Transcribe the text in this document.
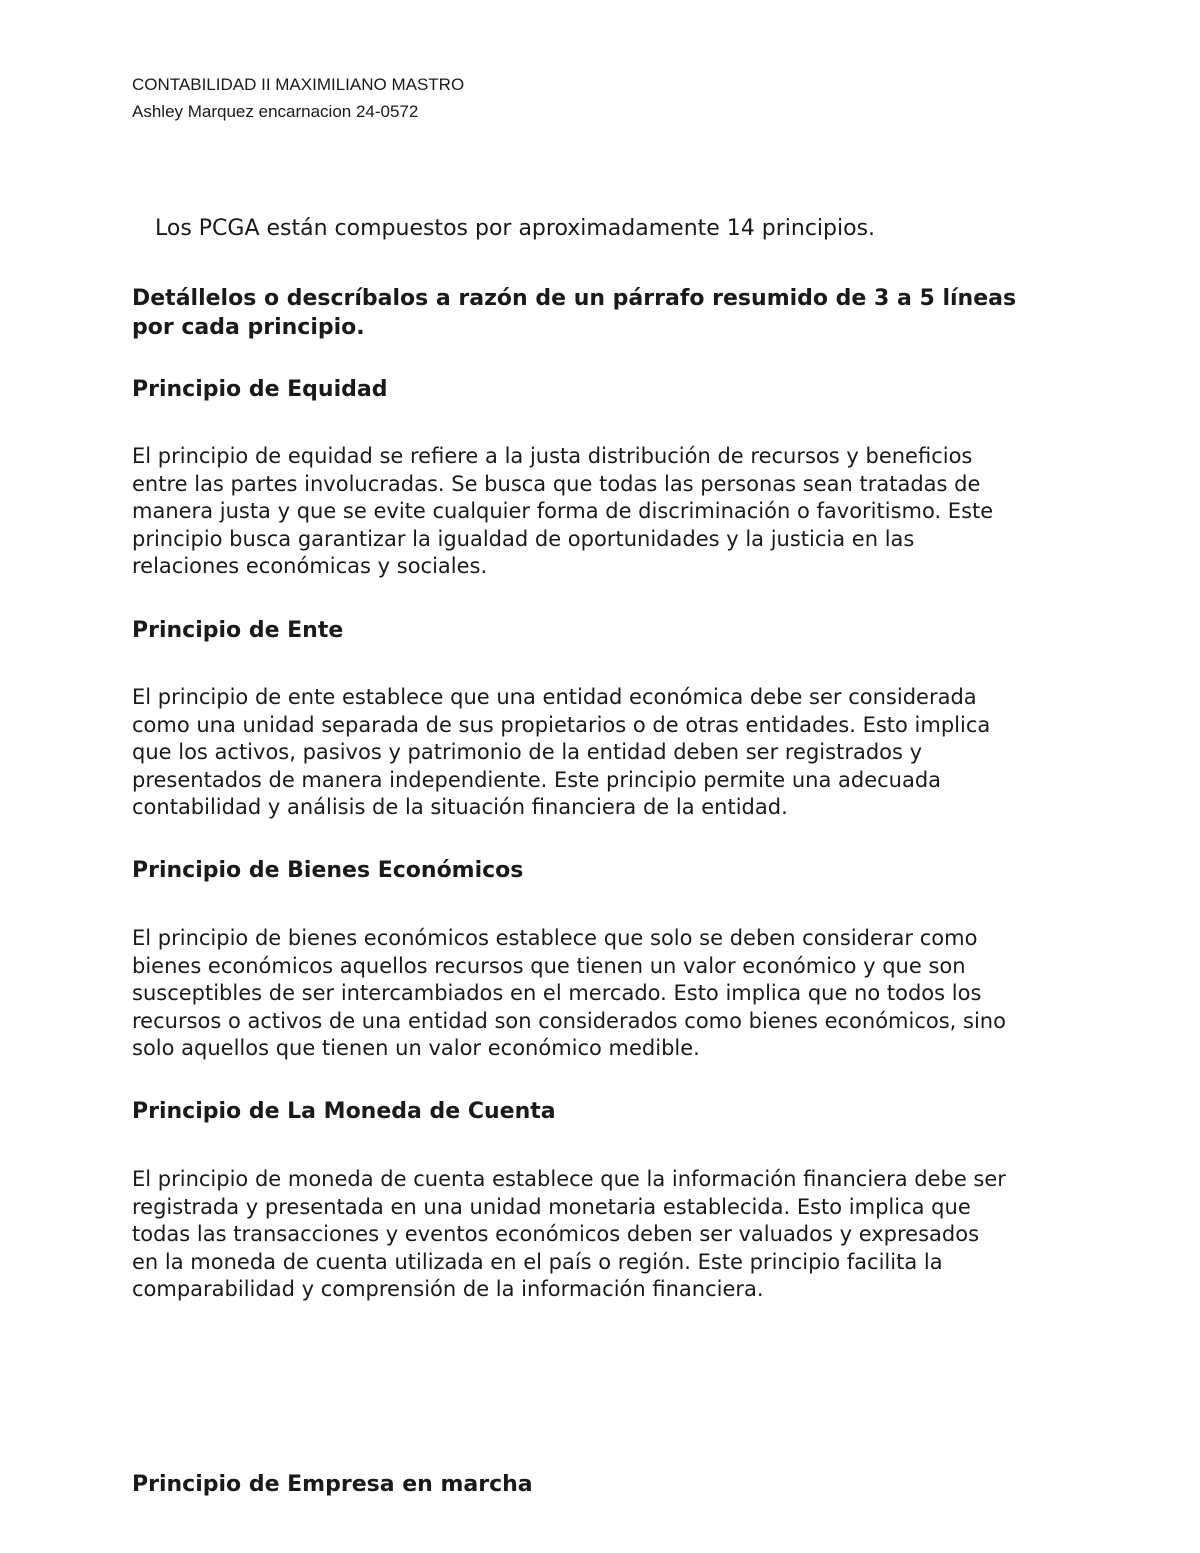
CONTABILIDAD II MAXIMILIANO MASTRO
Ashley Marquez encarnacion 24-0572
Los PCGA están compuestos por aproximadamente 14 principios.
Detállelos o descríbalos a razón de un párrafo resumido de 3 a 5 líneas
por cada principio.
Principio de Equidad
El principio de equidad se refiere a la justa distribución de recursos y beneficios
entre las partes involucradas. Se busca que todas las personas sean tratadas de
manera justa y que se evite cualquier forma de discriminación o favoritismo. Este
principio busca garantizar la igualdad de oportunidades y la justicia en las
relaciones económicas y sociales.
Principio de Ente
El principio de ente establece que una entidad económica debe ser considerada
como una unidad separada de sus propietarios o de otras entidades. Esto implica
que los activos, pasivos y patrimonio de la entidad deben ser registrados y
presentados de manera independiente. Este principio permite una adecuada
contabilidad y análisis de la situación financiera de la entidad.
Principio de Bienes Económicos
El principio de bienes económicos establece que solo se deben considerar como
bienes económicos aquellos recursos que tienen un valor económico y que son
susceptibles de ser intercambiados en el mercado. Esto implica que no todos los
recursos o activos de una entidad son considerados como bienes económicos, sino
solo aquellos que tienen un valor económico medible.
Principio de La Moneda de Cuenta
El principio de moneda de cuenta establece que la información financiera debe ser
registrada y presentada en una unidad monetaria establecida. Esto implica que
todas las transacciones y eventos económicos deben ser valuados y expresados
en la moneda de cuenta utilizada en el país o región. Este principio facilita la
comparabilidad y comprensión de la información financiera.
Principio de Empresa en marcha
